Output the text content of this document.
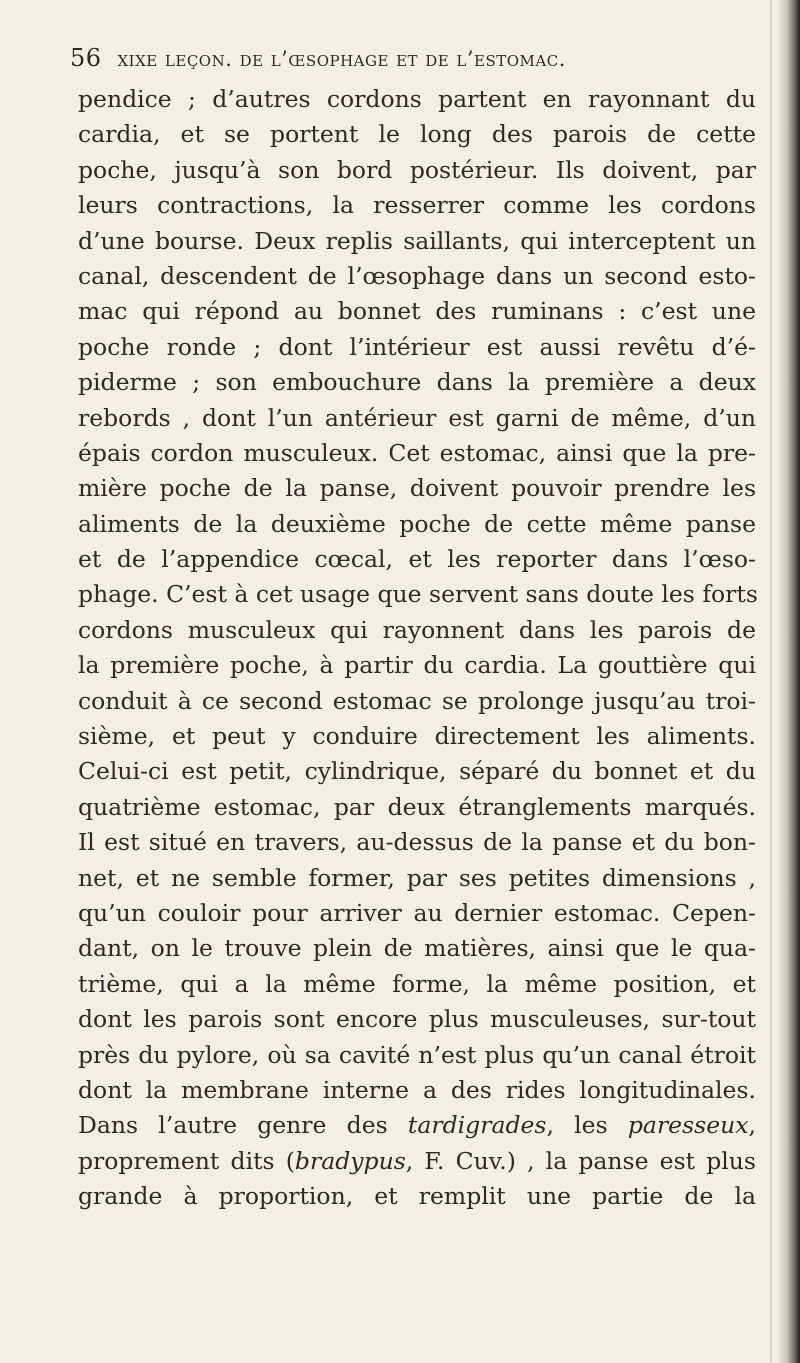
56 xixe leçon. de l’œsophage et de l’estomac.
pendice ; d’autres cordons partent en rayonnant du
cardia, et se portent le long des parois de cette
poche, jusqu’à son bord postérieur. Ils doivent, par
leurs contractions, la resserrer comme les cordons
d’une bourse. Deux replis saillants, qui interceptent un
canal, descendent de l’œsophage dans un second esto-
mac qui répond au bonnet des ruminans : c’est une
poche ronde ; dont l’intérieur est aussi revêtu d’é-
piderme ; son embouchure dans la première a deux
rebords , dont l’un antérieur est garni de même, d’un
épais cordon musculeux. Cet estomac, ainsi que la pre-
mière poche de la panse, doivent pouvoir prendre les
aliments de la deuxième poche de cette même panse
et de l’appendice cœcal, et les reporter dans l’œso-
phage. C’est à cet usage que servent sans doute les forts
cordons musculeux qui rayonnent dans les parois de
la première poche, à partir du cardia. La gouttière qui
conduit à ce second estomac se prolonge jusqu’au troi-
sième, et peut y conduire directement les aliments.
Celui-ci est petit, cylindrique, séparé du bonnet et du
quatrième estomac, par deux étranglements marqués.
Il est situé en travers, au-dessus de la panse et du bon-
net, et ne semble former, par ses petites dimensions ,
qu’un couloir pour arriver au dernier estomac. Cepen-
dant, on le trouve plein de matières, ainsi que le qua-
trième, qui a la même forme, la même position, et
dont les parois sont encore plus musculeuses, sur-tout
près du pylore, où sa cavité n’est plus qu’un canal étroit
dont la membrane interne a des rides longitudinales.
Dans l’autre genre des tardigrades, les paresseux,
proprement dits (bradypus, F. Cuv.) , la panse est plus
grande à proportion, et remplit une partie de la
